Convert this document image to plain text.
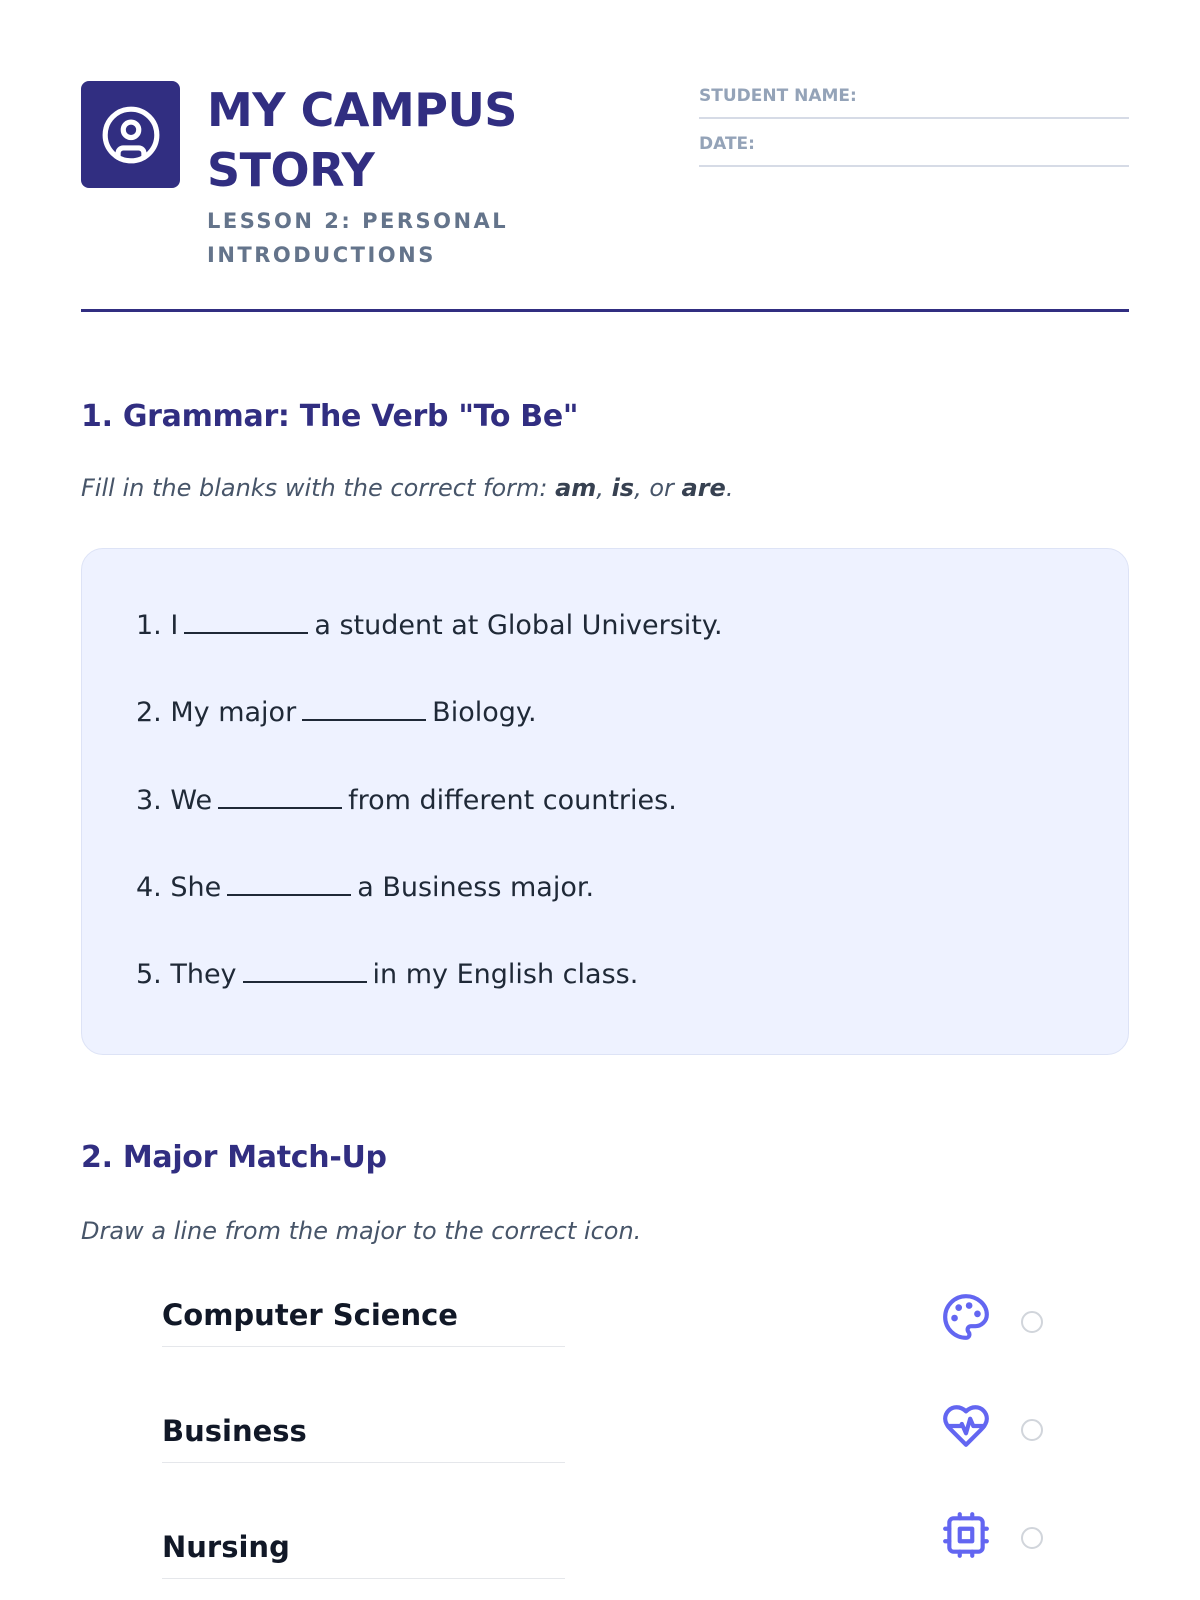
MY CAMPUS STORY
LESSON 2: PERSONAL INTRODUCTIONS
STUDENT NAME:
DATE:
1. Grammar: The Verb "To Be"
Fill in the blanks with the correct form: am, is, or are.

1. I	a student at Global University.

2. My major	Biology.

3. We	from different countries.

4. She	a Business major.

5. They	in my English class.

2. Major Match-Up
Draw a line from the major to the correct icon.
Computer Science
Business
Nursing
